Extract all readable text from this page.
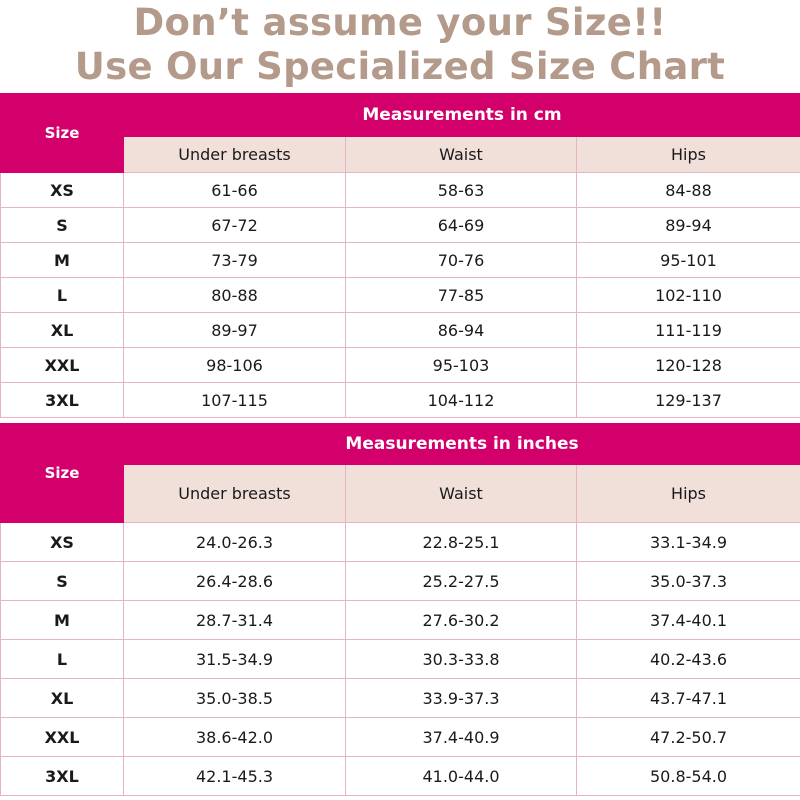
Don’t assume your Size!!
Use Our Specialized Size Chart
Size	Measurements in cm		
	Under breasts	Waist	Hips
XS	61-66	58-63	84-88
S	67-72	64-69	89-94
M	73-79	70-76	95-101
L	80-88	77-85	102-110
XL	89-97	86-94	111-119
XXL	98-106	95-103	120-128
3XL	107-115	104-112	129-137
Size	Measurements in inches		
	Under breasts	Waist	Hips
XS	24.0-26.3	22.8-25.1	33.1-34.9
S	26.4-28.6	25.2-27.5	35.0-37.3
M	28.7-31.4	27.6-30.2	37.4-40.1
L	31.5-34.9	30.3-33.8	40.2-43.6
XL	35.0-38.5	33.9-37.3	43.7-47.1
XXL	38.6-42.0	37.4-40.9	47.2-50.7
3XL	42.1-45.3	41.0-44.0	50.8-54.0
